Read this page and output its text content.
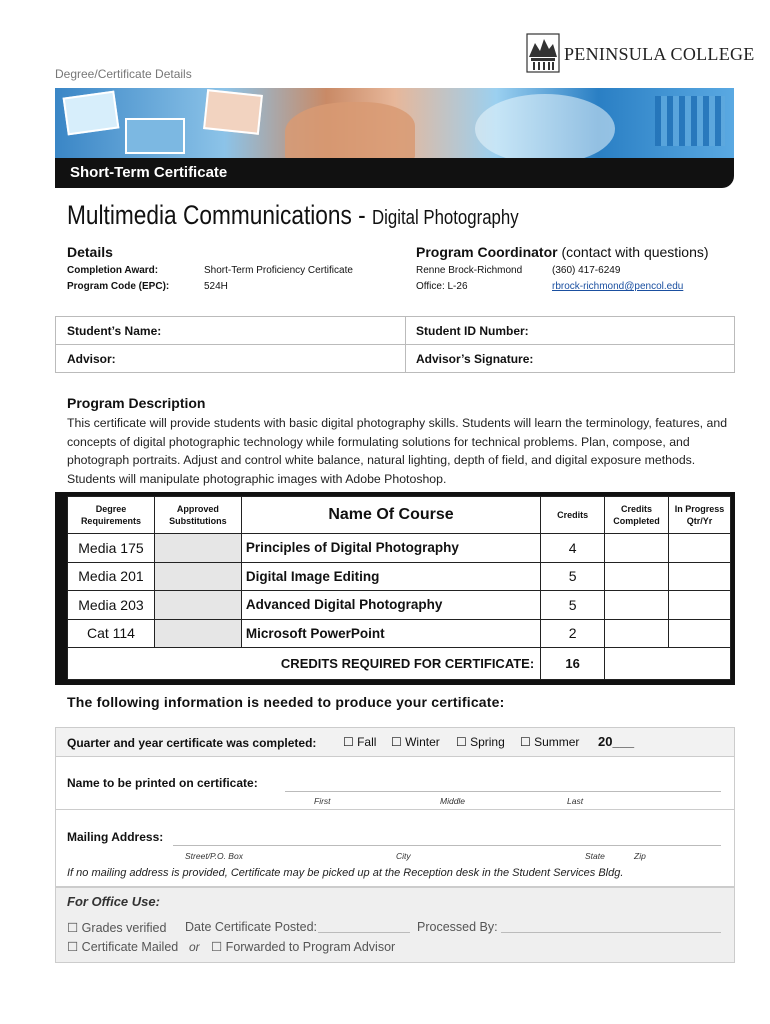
Degree/Certificate Details
PENINSULA COLLEGE
Short-Term Certificate
Multimedia Communications - Digital Photography
Details	Program Coordinator (contact with questions)
Completion Award:	Short-Term Proficiency Certificate
Program Code (EPC):	524H
Renne Brock-Richmond	(360) 417-6249
Office: L-26	rbrock-richmond@pencol.edu
Student’s Name:	Student ID Number:
Advisor:	Advisor’s Signature:
Program Description
This certificate will provide students with basic digital photography skills. Students will learn the terminology, features, and concepts of digital photographic technology while formulating solutions for technical problems. Plan, compose, and photograph portraits. Adjust and control white balance, natural lighting, depth of field, and digital exposure methods. Students will manipulate photographic images with Adobe Photoshop.
Degree Requirements	Approved Substitutions	Name Of Course	Credits	Credits Completed	In Progress Qtr/Yr
Media 175		Principles of Digital Photography	4		
Media 201		Digital Image Editing	5		
Media 203		Advanced Digital Photography	5		
Cat 114		Microsoft PowerPoint	2		
CREDITS REQUIRED FOR CERTIFICATE:			16		
The following information is needed to produce your certificate:
Quarter and year certificate was completed: ☐ Fall ☐ Winter ☐ Spring ☐ Summer 20___
Name to be printed on certificate:
First	Middle	Last
Mailing Address:
Street/P.O. Box	City	State	Zip
If no mailing address is provided, Certificate may be picked up at the Reception desk in the Student Services Bldg.
For Office Use:
☐ Grades verified Date Certificate Posted:	Processed By:
☐ Certificate Mailed or ☐ Forwarded to Program Advisor
